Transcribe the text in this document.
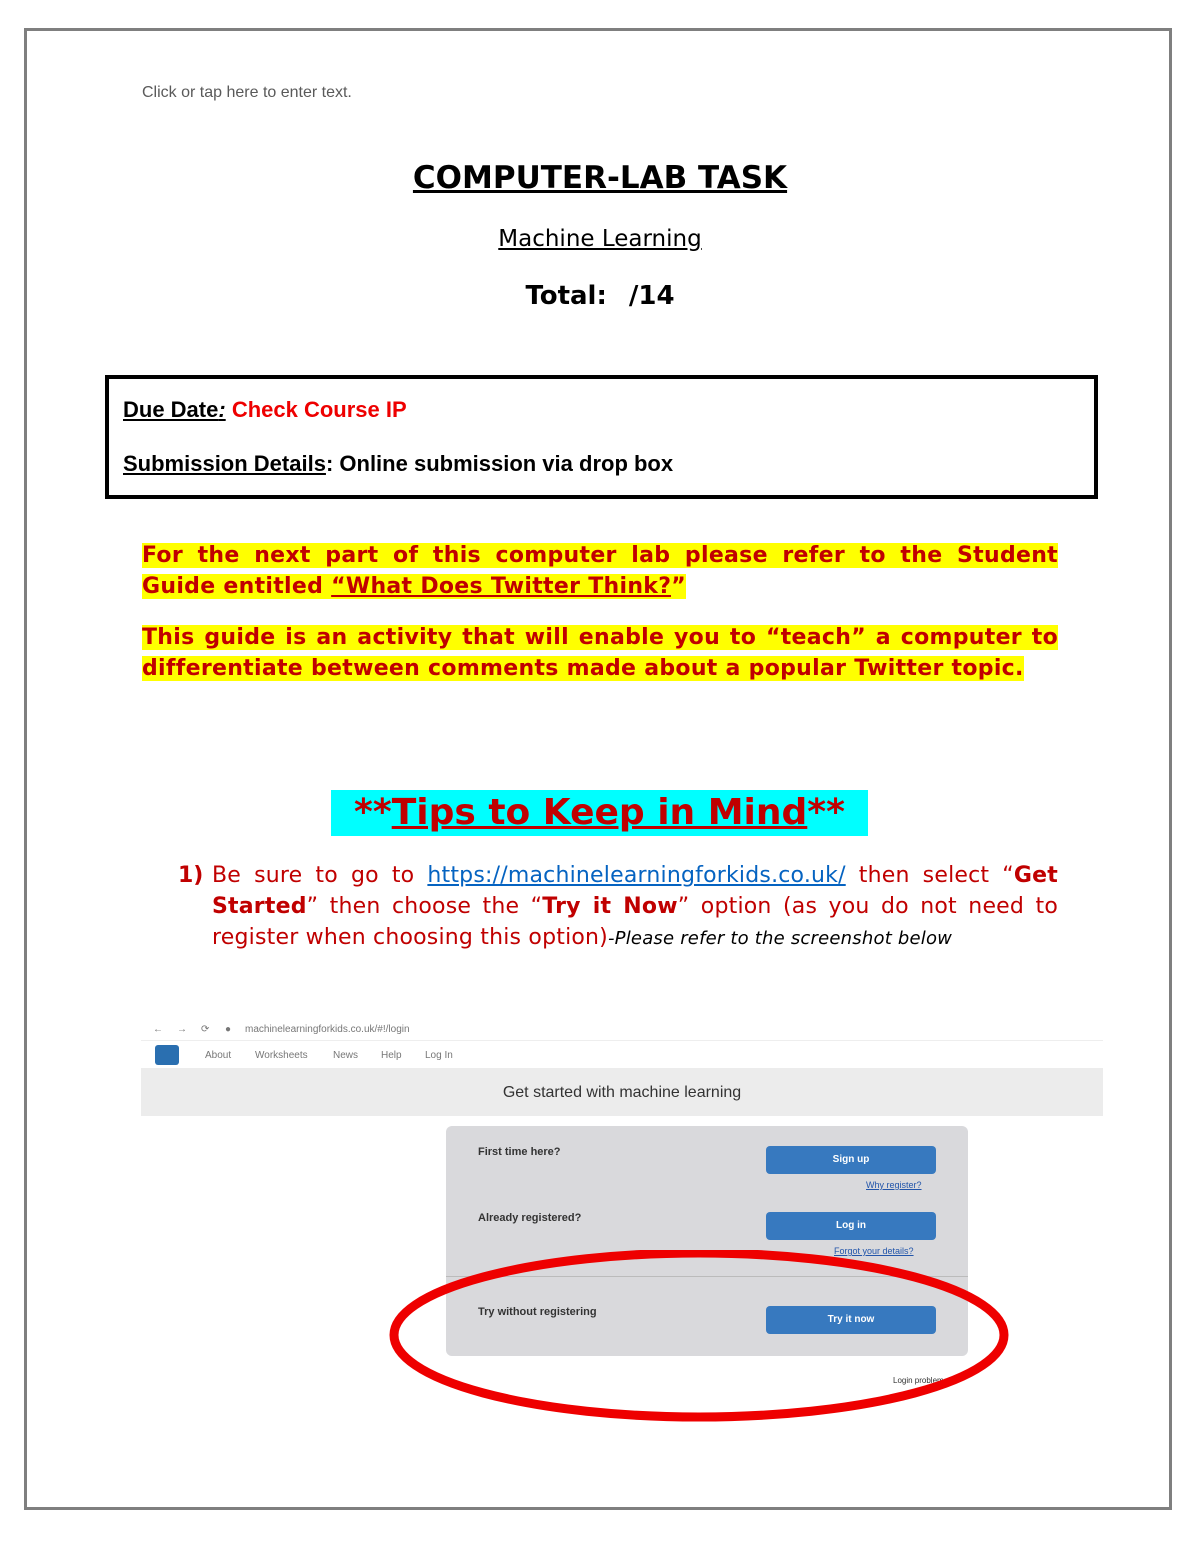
Click or tap here to enter text.
COMPUTER-LAB TASK
Machine Learning
Total: /14
Due Date: Check Course IP
Submission Details: Online submission via drop box
For the next part of this computer lab please refer to the Student Guide entitled “What Does Twitter Think?”
This guide is an activity that will enable you to “teach” a computer to differentiate between comments made about a popular Twitter topic.
**Tips to Keep in Mind**
1) Be sure to go to https://machinelearningforkids.co.uk/ then select “Get Started” then choose the “Try it Now” option (as you do not need to register when choosing this option)-Please refer to the screenshot below
← → ⟳ ● machinelearningforkids.co.uk/#!/login
About Worksheets	News Help Log In
Get started with machine learning
First time here?
Sign up
Why register?
Already registered?
Log in
Forgot your details?
Try without registering
Try it now
Login problems?
